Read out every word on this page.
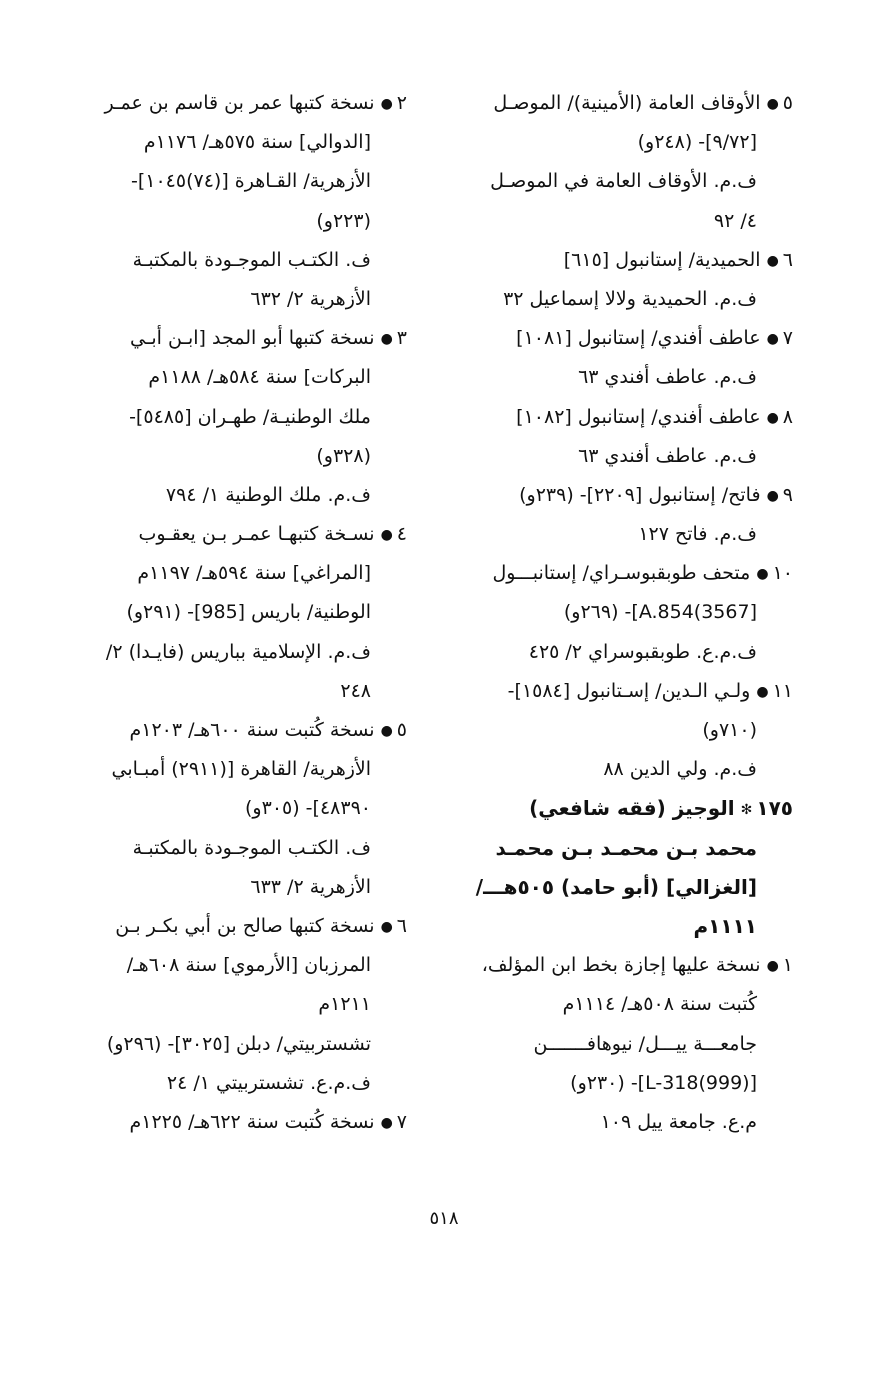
٥●الأوقاف العامة (الأمينية)/ الموصـل
[٩/٧٢]- (٢٤٨و)
ف.م. الأوقاف العامة في الموصـل
٤/ ٩٢
٦●الحميدية/ إستانبول [٦١٥]
ف.م. الحميدية ولالا إسماعيل ٣٢
٧●عاطف أفندي/ إستانبول [١٠٨١]
ف.م. عاطف أفندي ٦٣
٨●عاطف أفندي/ إستانبول [١٠٨٢]
ف.م. عاطف أفندي ٦٣
٩●فاتح/ إستانبول [٢٢٠٩]- (٢٣٩و)
ف.م. فاتح ١٢٧
١٠●متحف طوبقبوسـراي/ إستانبـــول
[3567)A.854]- (٢٦٩و)
ف.م.ع. طوبقبوسراي ٢/ ٤٢٥
١١●ولـي الـدين/ إسـتانبول [١٥٨٤]-
(٧١٠و)
ف.م. ولي الدين ٨٨
١٧٥✻الوجيز (فقه شافعي)
محمد بـن محمـد بـن محمـد
[الغزالي] (أبو حامد) ٥٠٥هـــ/
١١١١م
١●نسخة عليها إجازة بخط ابن المؤلف،
كُتبت سنة ٥٠٨هـ/ ١١١٤م
جامعـــة ييـــل/ نيوهافـــــــن
[L-318(999)]- (٢٣٠و)
م.ع. جامعة ييل ١٠٩
٢●نسخة كتبها عمر بن قاسم بن عمـر
[الدوالي] سنة ٥٧٥هـ/ ١١٧٦م
الأزهرية/ القـاهرة [(٧٤)١٠٤٥]-
(٢٢٣و)
ف. الكتـب الموجـودة بالمكتبـة
الأزهرية ٢/ ٦٣٢
٣●نسخة كتبها أبو المجد [ابـن أبـي
البركات] سنة ٥٨٤هـ/ ١١٨٨م
ملك الوطنيـة/ طهـران [٥٤٨٥]-
(٣٢٨و)
ف.م. ملك الوطنية ١/ ٧٩٤
٤●نسـخة كتبهـا عمـر بـن يعقـوب
[المراغي] سنة ٥٩٤هـ/ ١١٩٧م
الوطنية/ باريس [985]- (٢٩١و)
ف.م. الإسلامية بباريس (فايـدا) ٢/
٢٤٨
٥●نسخة كُتبت سنة ٦٠٠هـ/ ١٢٠٣م
الأزهرية/ القاهرة [(٢٩١١) أمبـابي
٤٨٣٩٠]- (٣٠٥و)
ف. الكتـب الموجـودة بالمكتبـة
الأزهرية ٢/ ٦٣٣
٦●نسخة كتبها صالح بن أبي بكـر بـن
المرزبان [الأرموي] سنة ٦٠٨هـ/
١٢١١م
تشستربيتي/ دبلن [٣٠٢٥]- (٢٩٦و)
ف.م.ع. تشستربيتي ١/ ٢٤
٧●نسخة كُتبت سنة ٦٢٢هـ/ ١٢٢٥م
٥١٨
